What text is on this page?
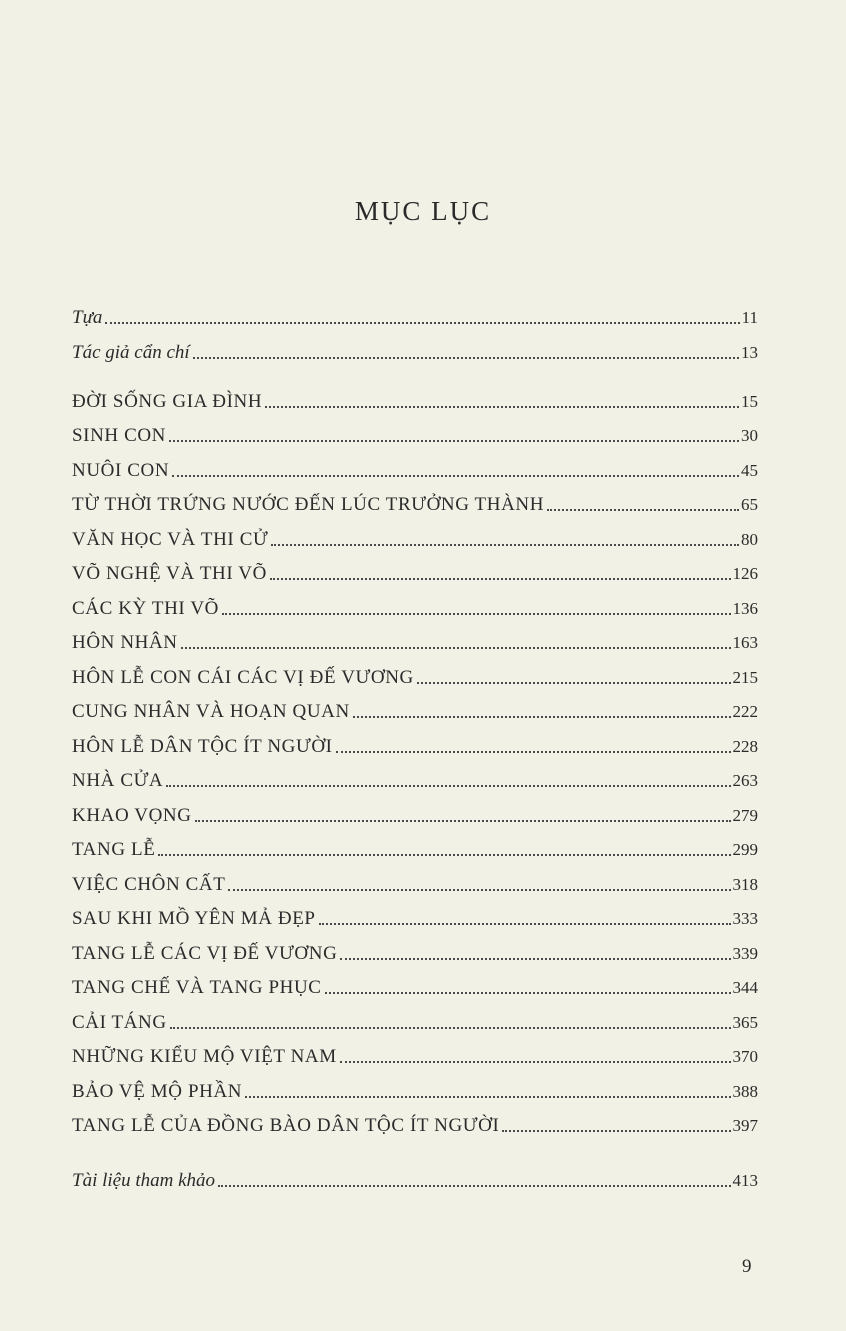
MỤC LỤC
Tựa	11
Tác giả cẩn chí	13
ĐỜI SỐNG GIA ĐÌNH	15
SINH CON	30
NUÔI CON	45
TỪ THỜI TRỨNG NƯỚC ĐẾN LÚC TRƯỞNG THÀNH	65
VĂN HỌC VÀ THI CỬ	80
VÕ NGHỆ VÀ THI VÕ	126
CÁC KỲ THI VÕ	136
HÔN NHÂN	163
HÔN LỄ CON CÁI CÁC VỊ ĐẾ VƯƠNG	215
CUNG NHÂN VÀ HOẠN QUAN	222
HÔN LỄ DÂN TỘC ÍT NGƯỜI	228
NHÀ CỬA	263
KHAO VỌNG	279
TANG LỄ	299
VIỆC CHÔN CẤT	318
SAU KHI MỒ YÊN MẢ ĐẸP	333
TANG LỄ CÁC VỊ ĐẾ VƯƠNG	339
TANG CHẾ VÀ TANG PHỤC	344
CẢI TÁNG	365
NHỮNG KIỂU MỘ VIỆT NAM	370
BẢO VỆ MỘ PHẦN	388
TANG LỄ CỦA ĐỒNG BÀO DÂN TỘC ÍT NGƯỜI	397
Tài liệu tham khảo	413
9
